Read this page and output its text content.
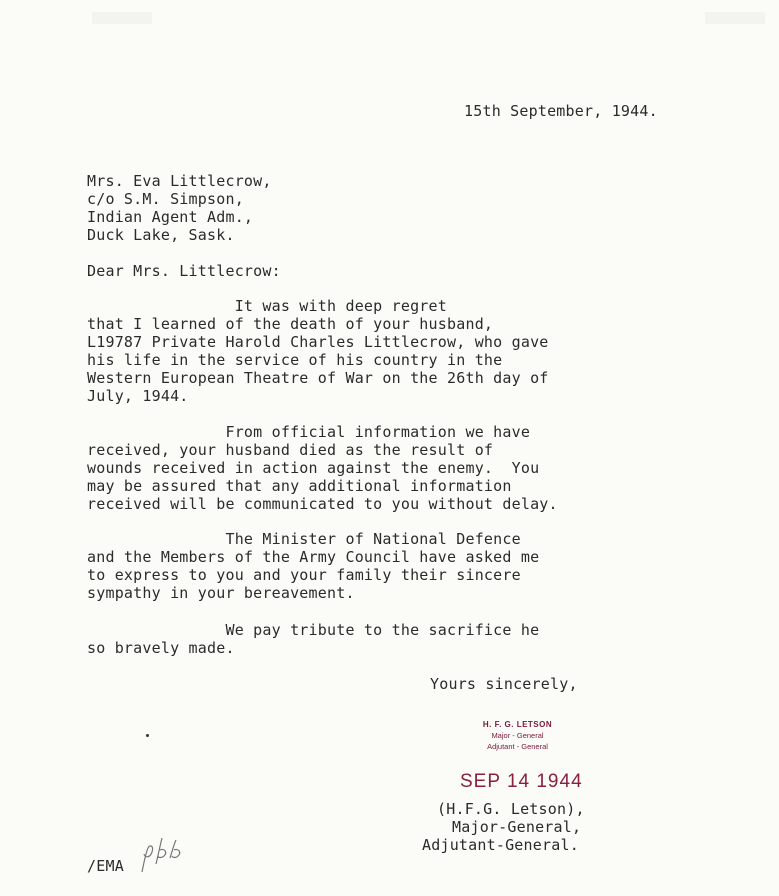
15th September, 1944.
Mrs. Eva Littlecrow,
c/o S.M. Simpson,
Indian Agent Adm.,
Duck Lake, Sask.
Dear Mrs. Littlecrow:
It was with deep regret
that I learned of the death of your husband,
L19787 Private Harold Charles Littlecrow, who gave
his life in the service of his country in the
Western European Theatre of War on the 26th day of
July, 1944.
From official information we have
received, your husband died as the result of
wounds received in action against the enemy.  You
may be assured that any additional information
received will be communicated to you without delay.
The Minister of National Defence
and the Members of the Army Council have asked me
to express to you and your family their sincere
sympathy in your bereavement.
We pay tribute to the sacrifice he
so bravely made.
Yours sincerely,
H. F. G. LETSON
Major - General
Adjutant - General
SEP 14 1944
(H.F.G. Letson),
Major-General,
Adjutant-General.
/EMA
